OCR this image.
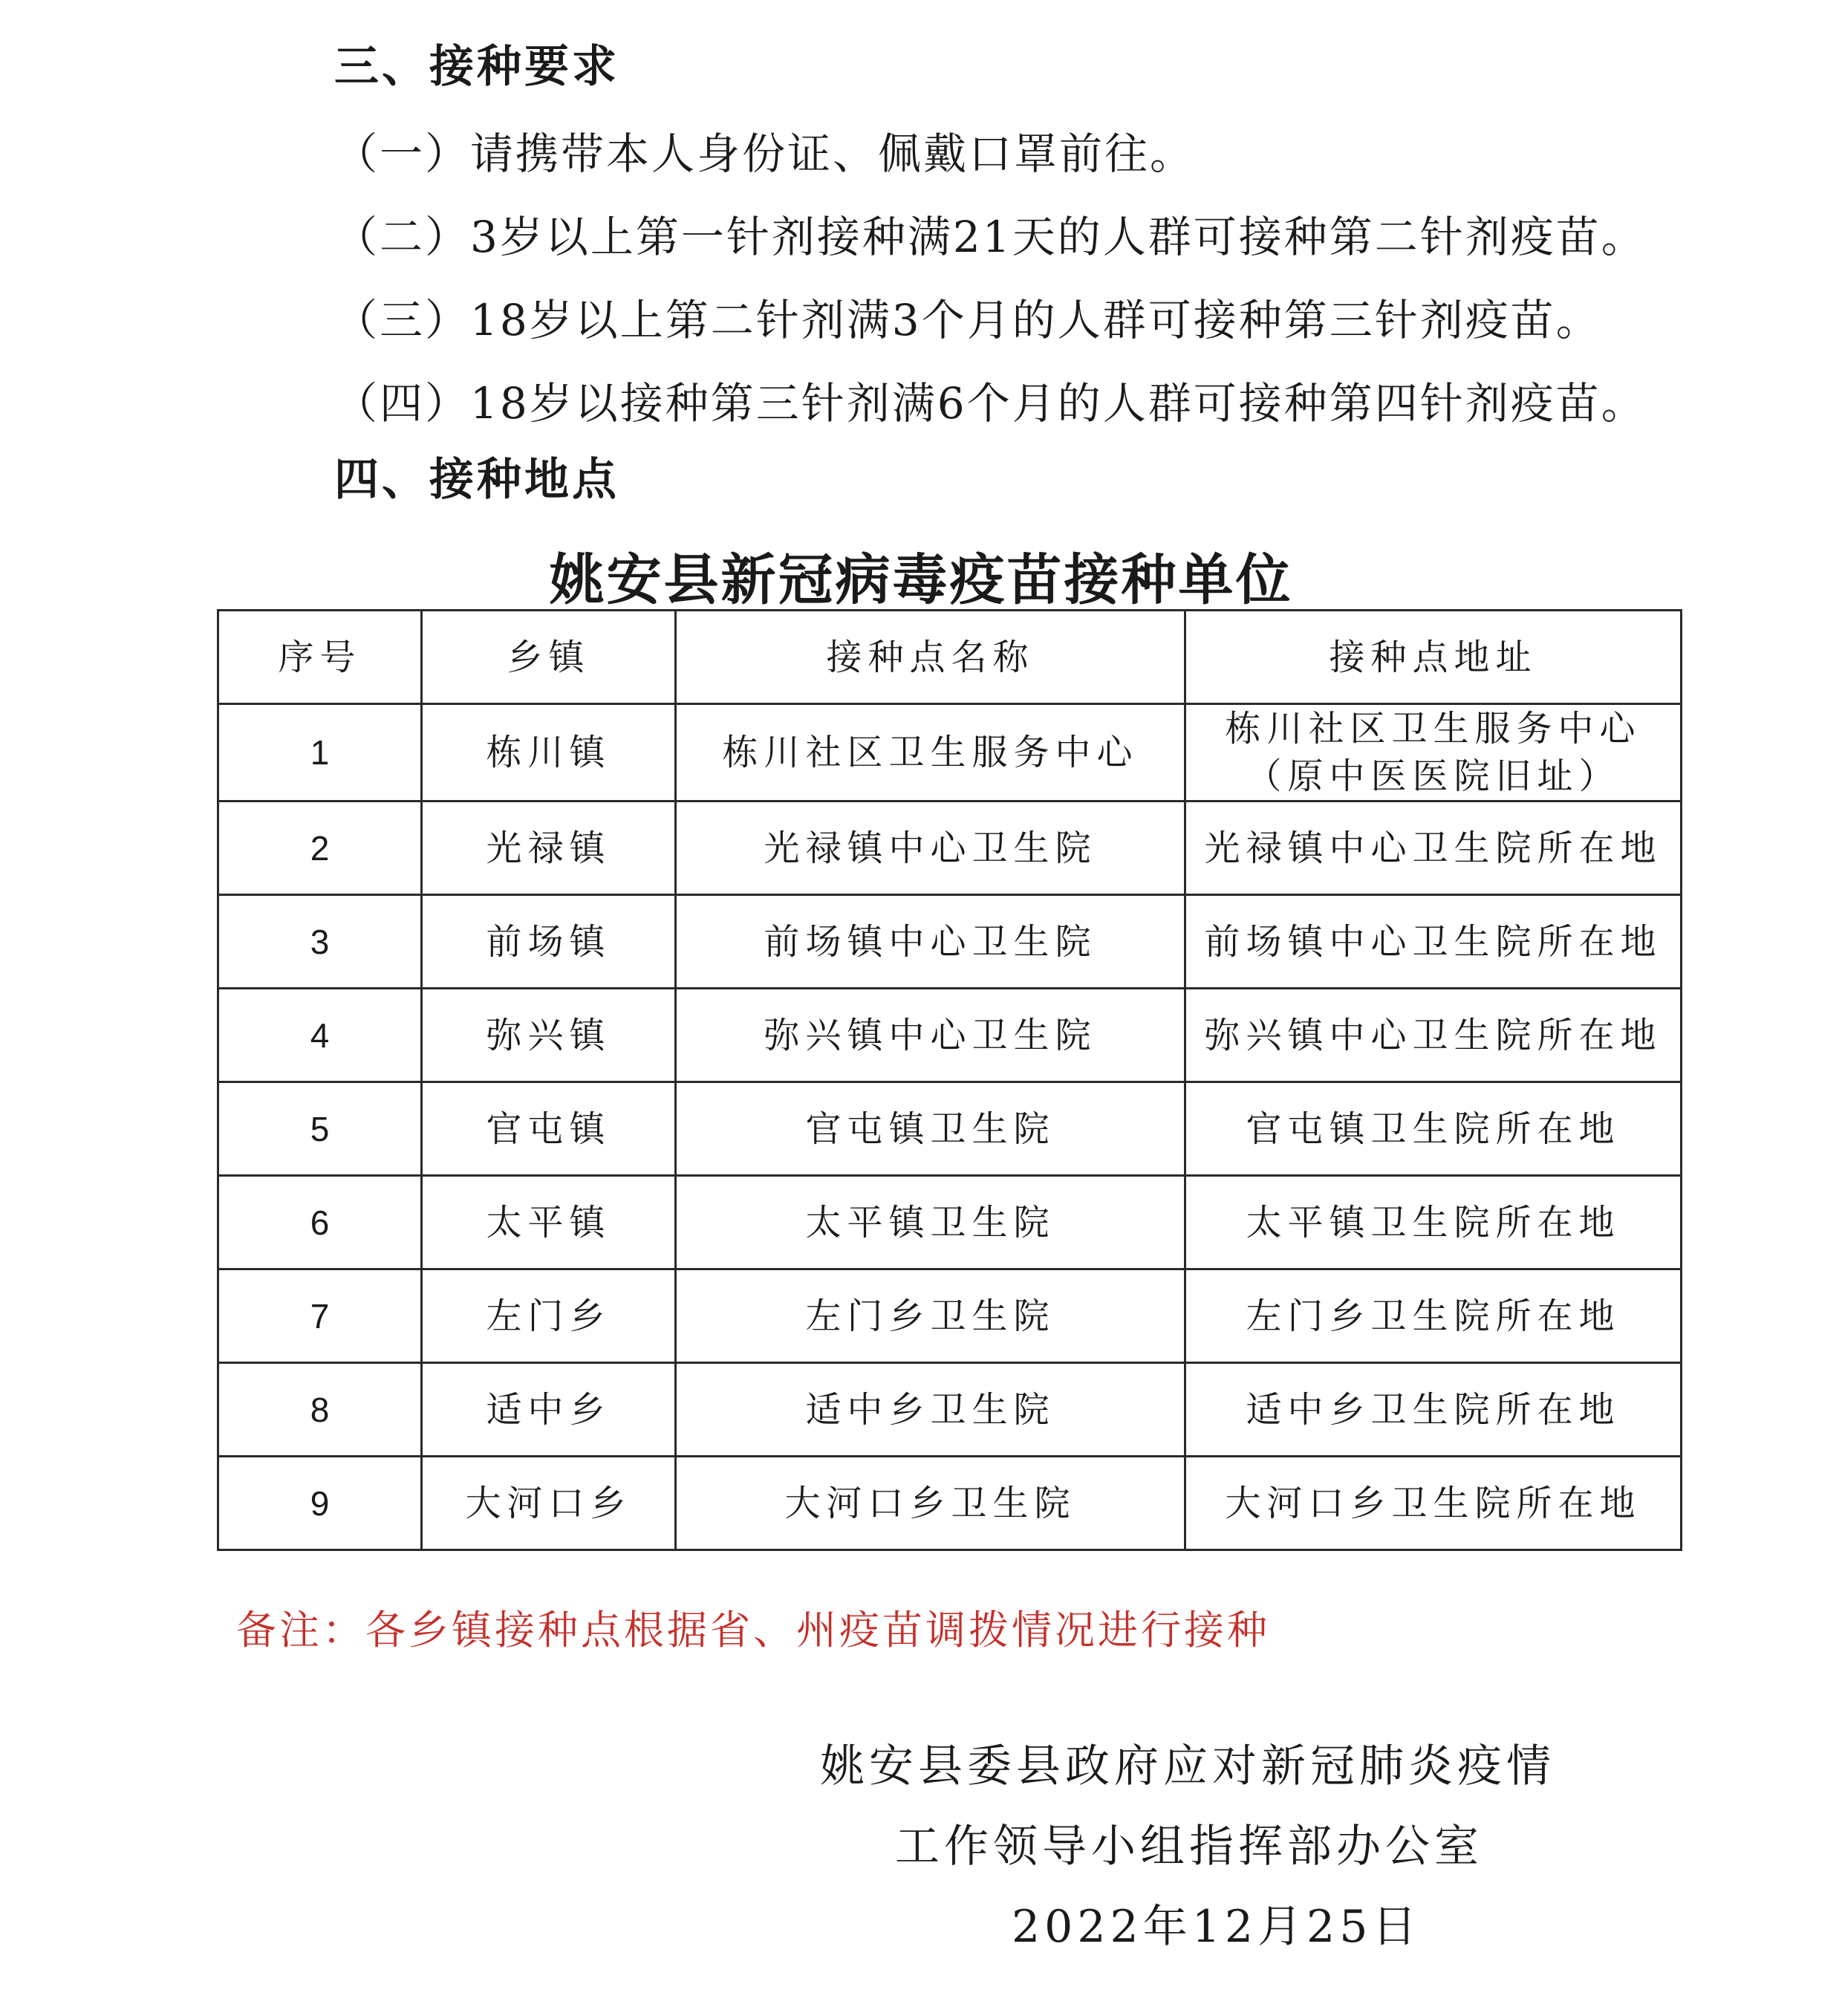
三、接种要求
（一）请携带本人身份证、佩戴口罩前往。
（二）3岁以上第一针剂接种满21天的人群可接种第二针剂疫苗。
（三）18岁以上第二针剂满3个月的人群可接种第三针剂疫苗。
（四）18岁以接种第三针剂满6个月的人群可接种第四针剂疫苗。
四、接种地点
姚安县新冠病毒疫苗接种单位
序号	乡镇	接种点名称	接种点地址
1	栋川镇	栋川社区卫生服务中心	栋川社区卫生服务中心（原中医医院旧址）
2	光禄镇	光禄镇中心卫生院	光禄镇中心卫生院所在地
3	前场镇	前场镇中心卫生院	前场镇中心卫生院所在地
4	弥兴镇	弥兴镇中心卫生院	弥兴镇中心卫生院所在地
5	官屯镇	官屯镇卫生院	官屯镇卫生院所在地
6	太平镇	太平镇卫生院	太平镇卫生院所在地
7	左门乡	左门乡卫生院	左门乡卫生院所在地
8	适中乡	适中乡卫生院	适中乡卫生院所在地
9	大河口乡	大河口乡卫生院	大河口乡卫生院所在地
备注：各乡镇接种点根据省、州疫苗调拨情况进行接种
姚安县委县政府应对新冠肺炎疫情
工作领导小组指挥部办公室
2022年12月25日
